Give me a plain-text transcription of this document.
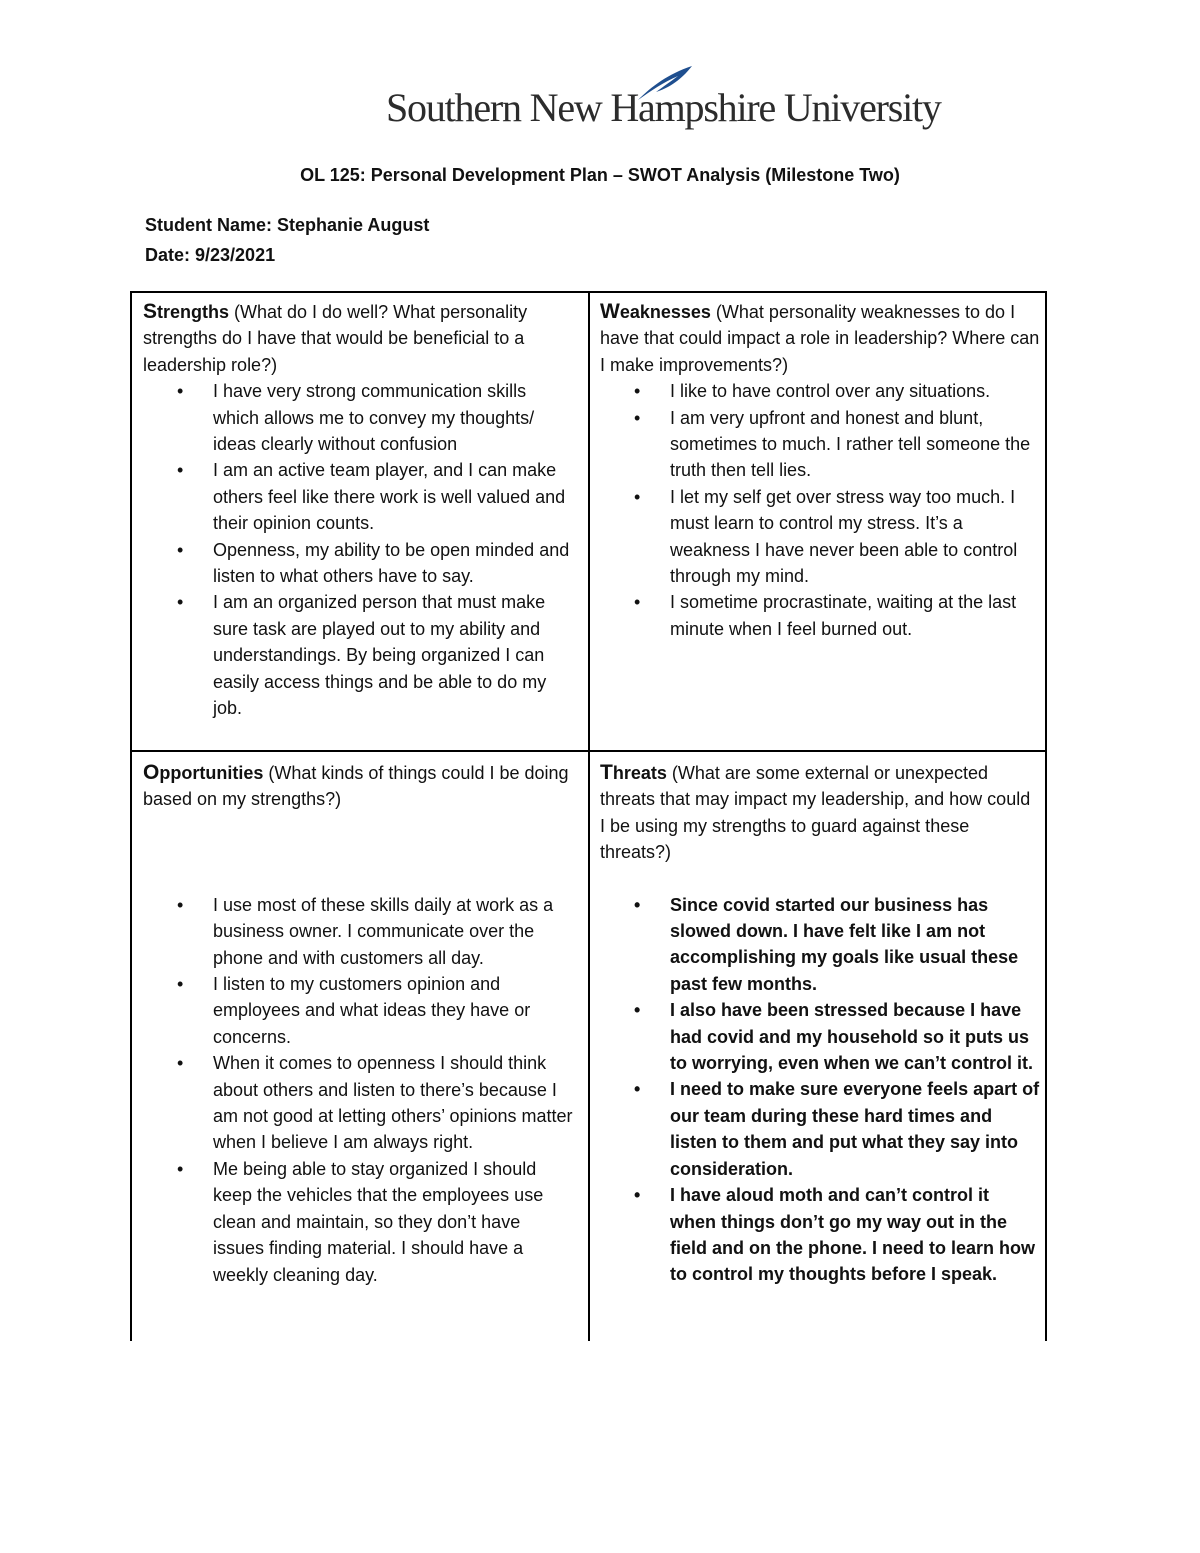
Southern New Hampshire University
OL 125: Personal Development Plan – SWOT Analysis (Milestone Two)
Student Name: Stephanie August
Date: 9/23/2021
Strengths (What do I do well? What personality strengths do I have that would be beneficial to a leadership role?)
• I have very strong communication skills which allows me to convey my thoughts/ ideas clearly without confusion
• I am an active team player, and I can make others feel like there work is well valued and their opinion counts.
• Openness, my ability to be open minded and listen to what others have to say.
• I am an organized person that must make sure task are played out to my ability and understandings. By being organized I can easily access things and be able to do my job.
Weaknesses (What personality weaknesses to do I have that could impact a role in leadership? Where can I make improvements?)
• I like to have control over any situations.
• I am very upfront and honest and blunt, sometimes to much. I rather tell someone the truth then tell lies.
• I let my self get over stress way too much. I must learn to control my stress. It’s a weakness I have never been able to control through my mind.
• I sometime procrastinate, waiting at the last minute when I feel burned out.
Opportunities (What kinds of things could I be doing based on my strengths?)
• I use most of these skills daily at work as a business owner. I communicate over the phone and with customers all day.
• I listen to my customers opinion and employees and what ideas they have or concerns.
• When it comes to openness I should think about others and listen to there’s because I am not good at letting others’ opinions matter when I believe I am always right.
• Me being able to stay organized I should keep the vehicles that the employees use clean and maintain, so they don’t have issues finding material. I should have a weekly cleaning day.
Threats (What are some external or unexpected threats that may impact my leadership, and how could I be using my strengths to guard against these threats?)
• Since covid started our business has slowed down. I have felt like I am not accomplishing my goals like usual these past few months.
• I also have been stressed because I have had covid and my household so it puts us to worrying, even when we can’t control it.
• I need to make sure everyone feels apart of our team during these hard times and listen to them and put what they say into consideration.
• I have aloud moth and can’t control it when things don’t go my way out in the field and on the phone. I need to learn how to control my thoughts before I speak.
